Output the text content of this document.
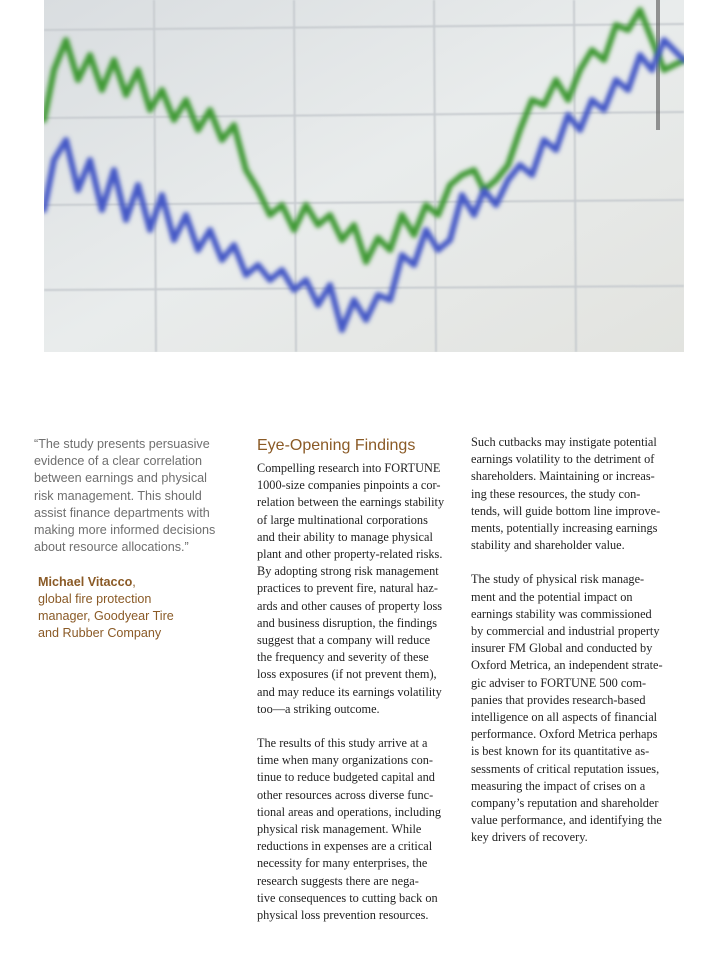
“The study presents persuasive
evidence of a clear correlation
between earnings and physical
risk management. This should
assist finance departments with
making more informed decisions
about resource allocations.”

Michael Vitacco,

global fire protection
manager, Goodyear Tire
and Rubber Company

Eye-Opening Findings

Compelling research into FORTUNE
1000-size companies pinpoints a cor-
relation between the earnings stability
of large multinational corporations
and their ability to manage physical
plant and other property-related risks.
By adopting strong risk management
practices to prevent fire, natural haz-
ards and other causes of property loss
and business disruption, the findings
suggest that a company will reduce
the frequency and severity of these
loss exposures (if not prevent them),
and may reduce its earnings volatility
too—a striking outcome.

The results of this study arrive at a
time when many organizations con-
tinue to reduce budgeted capital and
other resources across diverse func-
tional areas and operations, including
physical risk management. While
reductions in expenses are a critical
necessity for many enterprises, the
research suggests there are nega-
tive consequences to cutting back on
physical loss prevention resources.

Such cutbacks may instigate potential
earnings volatility to the detriment of
shareholders. Maintaining or increas-
ing these resources, the study con-
tends, will guide bottom line improve-
ments, potentially increasing earnings
stability and shareholder value.

The study of physical risk manage-
ment and the potential impact on
earnings stability was commissioned
by commercial and industrial property
insurer FM Global and conducted by
Oxford Metrica, an independent strate-
gic adviser to FORTUNE 500 com-
panies that provides research-based
intelligence on all aspects of financial
performance. Oxford Metrica perhaps
is best known for its quantitative as-
sessments of critical reputation issues,
measuring the impact of crises on a
company’s reputation and shareholder
value performance, and identifying the
key drivers of recovery.
